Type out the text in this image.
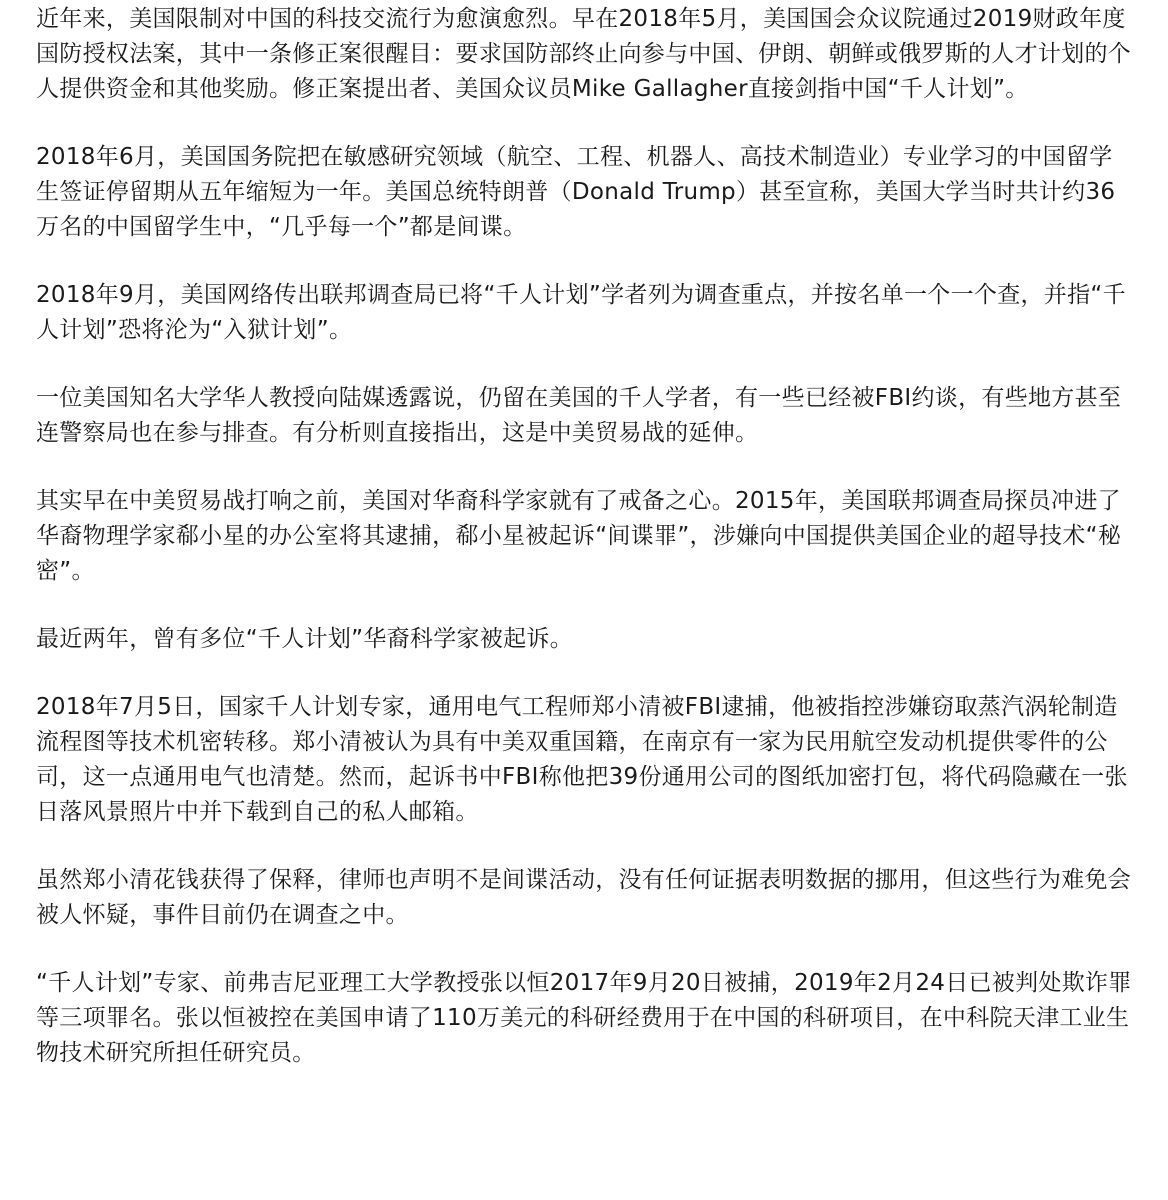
近年来，美国限制对中国的科技交流行为愈演愈烈。早在2018年5月，美国国会众议院通过2019财政年度国防授权法案，其中一条修正案很醒目：要求国防部终止向参与中国、伊朗、朝鲜或俄罗斯的人才计划的个人提供资金和其他奖励。修正案提出者、美国众议员Mike Gallagher直接剑指中国“千人计划”。

2018年6月，美国国务院把在敏感研究领域（航空、工程、机器人、高技术制造业）专业学习的中国留学生签证停留期从五年缩短为一年。美国总统特朗普（Donald Trump）甚至宣称，美国大学当时共计约36万名的中国留学生中，“几乎每一个”都是间谍。

2018年9月，美国网络传出联邦调查局已将“千人计划”学者列为调查重点，并按名单一个一个查，并指“千人计划”恐将沦为“入狱计划”。

一位美国知名大学华人教授向陆媒透露说，仍留在美国的千人学者，有一些已经被FBI约谈，有些地方甚至连警察局也在参与排查。有分析则直接指出，这是中美贸易战的延伸。

其实早在中美贸易战打响之前，美国对华裔科学家就有了戒备之心。2015年，美国联邦调查局探员冲进了华裔物理学家郗小星的办公室将其逮捕，郗小星被起诉“间谍罪”，涉嫌向中国提供美国企业的超导技术“秘密”。

最近两年，曾有多位“千人计划”华裔科学家被起诉。

2018年7月5日，国家千人计划专家，通用电气工程师郑小清被FBI逮捕，他被指控涉嫌窃取蒸汽涡轮制造流程图等技术机密转移。郑小清被认为具有中美双重国籍，在南京有一家为民用航空发动机提供零件的公司，这一点通用电气也清楚。然而，起诉书中FBI称他把39份通用公司的图纸加密打包，将代码隐藏在一张日落风景照片中并下载到自己的私人邮箱。

虽然郑小清花钱获得了保释，律师也声明不是间谍活动，没有任何证据表明数据的挪用，但这些行为难免会被人怀疑，事件目前仍在调查之中。

“千人计划”专家、前弗吉尼亚理工大学教授张以恒2017年9月20日被捕，2019年2月24日已被判处欺诈罪等三项罪名。张以恒被控在美国申请了110万美元的科研经费用于在中国的科研项目，在中科院天津工业生物技术研究所担任研究员。
